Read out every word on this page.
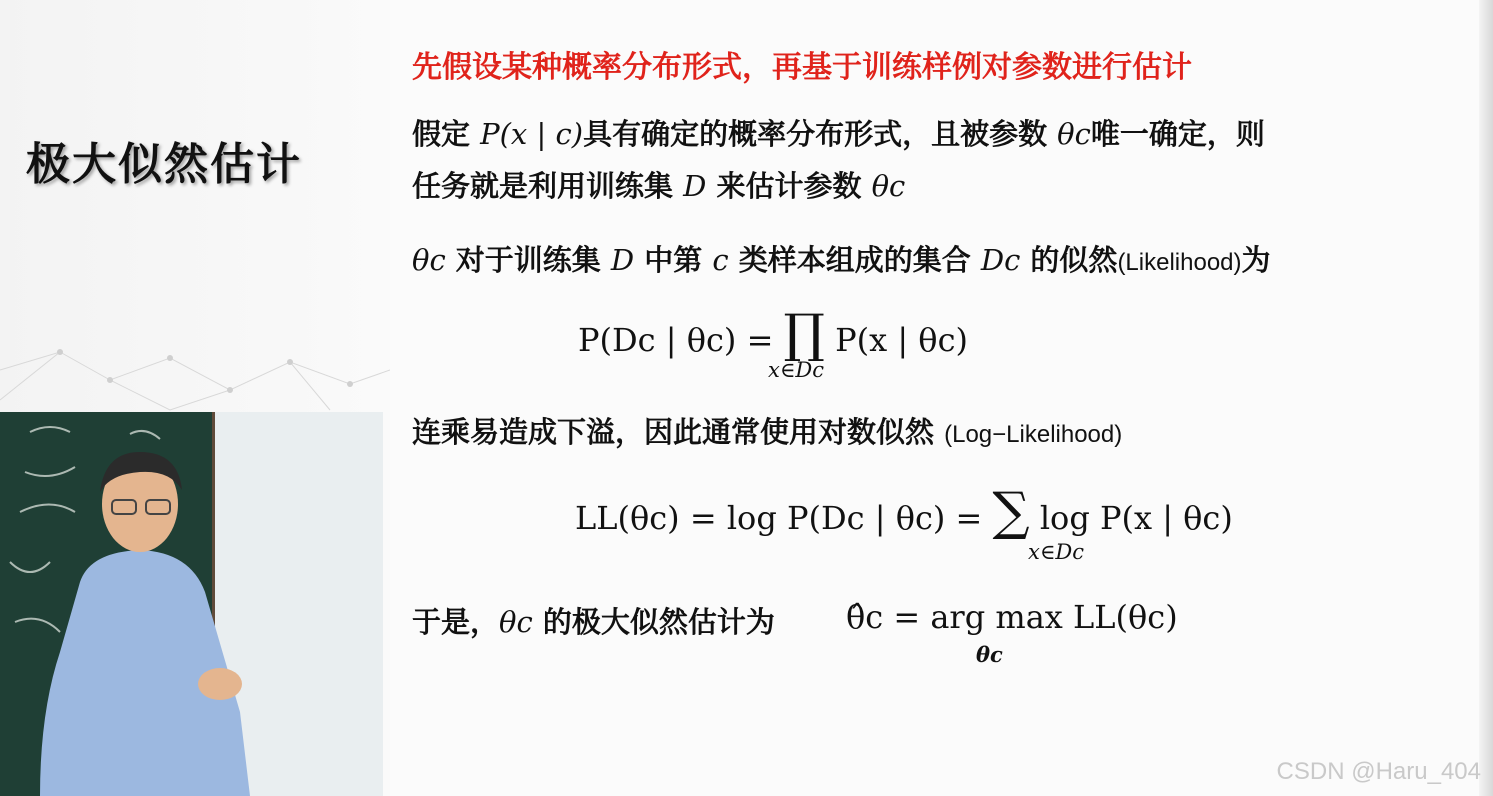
极大似然估计
先假设某种概率分布形式，再基于训练样例对参数进行估计
假定 P(x | c)具有确定的概率分布形式，且被参数 θc唯一确定，则
任务就是利用训练集 D 来估计参数 θc
θc 对于训练集 D 中第 c 类样本组成的集合 Dc 的似然(Likelihood)为
P(Dc | θc) = ∏ P(x | θc)
x∈Dc
连乘易造成下溢，因此通常使用对数似然 (Log−Likelihood)
LL(θc) = log P(Dc | θc) = ∑ log P(x | θc)
x∈Dc
于是，θc 的极大似然估计为 θ̂c = arg max LL(θc)
θc
CSDN @Haru_404
